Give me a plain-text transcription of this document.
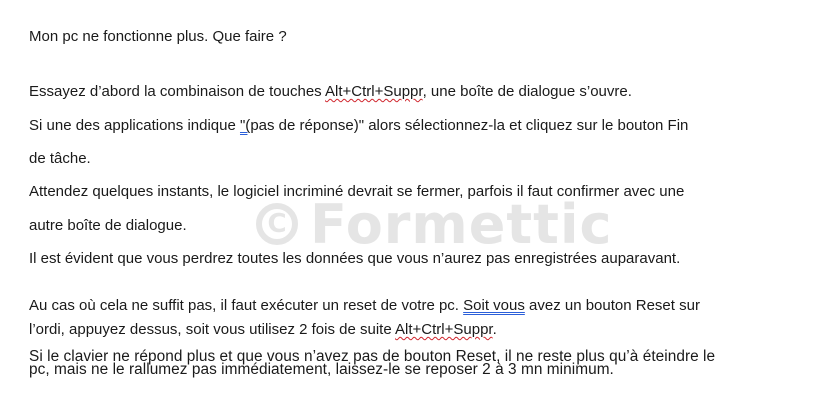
C Formettic
Mon pc ne fonctionne plus. Que faire ?
Essayez d’abord la combinaison de touches Alt+Ctrl+Suppr, une boîte de dialogue s’ouvre.
Si une des applications indique "(pas de réponse)" alors sélectionnez-la et cliquez sur le bouton Fin
de tâche.
Attendez quelques instants, le logiciel incriminé devrait se fermer, parfois il faut confirmer avec une
autre boîte de dialogue.
Il est évident que vous perdrez toutes les données que vous n’aurez pas enregistrées auparavant.
Au cas où cela ne suffit pas, il faut exécuter un reset de votre pc. Soit vous avez un bouton Reset sur
l’ordi, appuyez dessus, soit vous utilisez 2 fois de suite Alt+Ctrl+Suppr.
Si le clavier ne répond plus et que vous n’avez pas de bouton Reset, il ne reste plus qu’à éteindre le
pc, mais ne le rallumez pas immédiatement, laissez-le se reposer 2 à 3 mn minimum.
